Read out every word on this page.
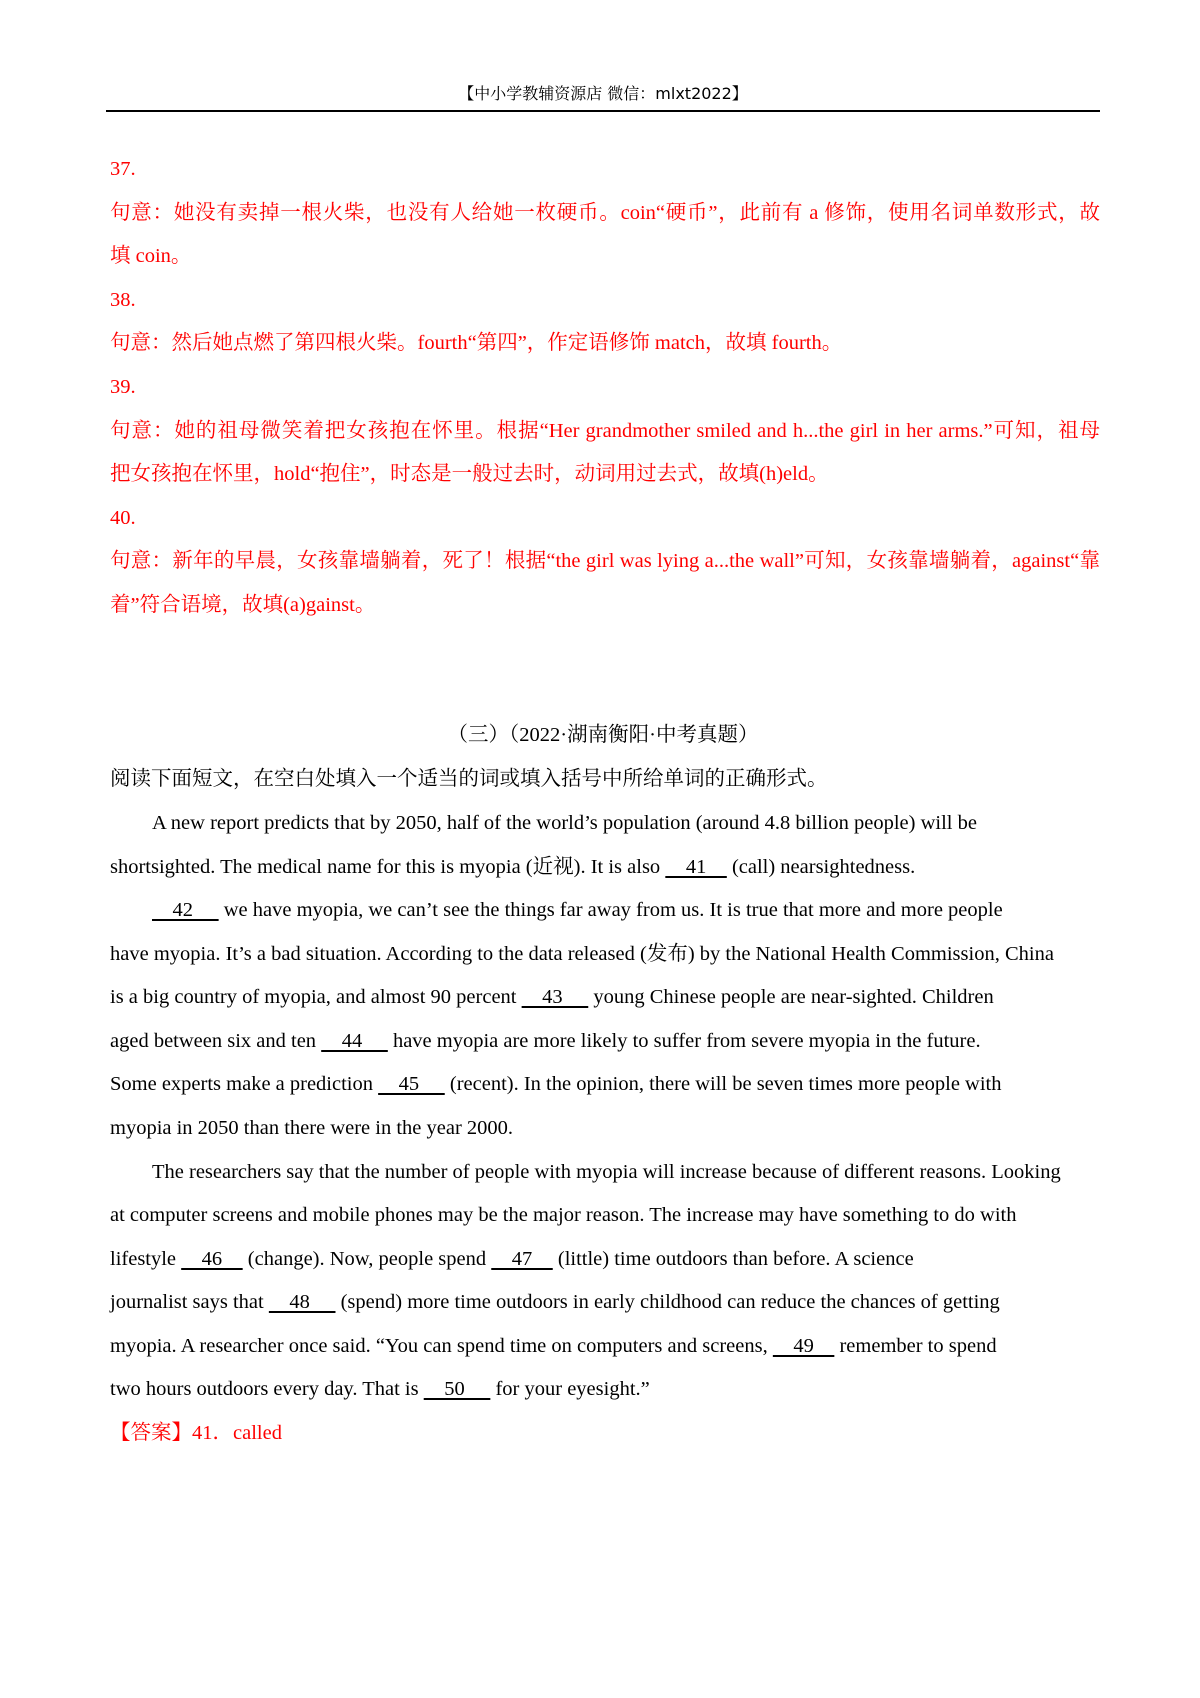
【中小学教辅资源店 微信：mlxt2022】
37.
句意：她没有卖掉一根火柴，也没有人给她一枚硬币。coin“硬币”，此前有 a 修饰，使用名词单数形式，故
填 coin。
38.
句意：然后她点燃了第四根火柴。fourth“第四”，作定语修饰 match，故填 fourth。
39.
句意：她的祖母微笑着把女孩抱在怀里。根据“Her grandmother smiled and h...the girl in her arms.”可知，祖母
把女孩抱在怀里，hold“抱住”，时态是一般过去时，动词用过去式，故填(h)eld。
40.
句意：新年的早晨，女孩靠墙躺着，死了！根据“the girl was lying a...the wall”可知，女孩靠墙躺着，against“靠
着”符合语境，故填(a)gainst。
（三）（2022·湖南衡阳·中考真题）
阅读下面短文，在空白处填入一个适当的词或填入括号中所给单词的正确形式。
A new report predicts that by 2050, half of the world’s population (around 4.8 billion people) will be
shortsighted. The medical name for this is myopia (近视). It is also     41     (call) nearsightedness.
42      we have myopia, we can’t see the things far away from us. It is true that more and more people
have myopia. It’s a bad situation. According to the data released (发布) by the National Health Commission, China
is a big country of myopia, and almost 90 percent     43      young Chinese people are near-sighted. Children
aged between six and ten     44      have myopia are more likely to suffer from severe myopia in the future.
Some experts make a prediction     45      (recent). In the opinion, there will be seven times more people with
myopia in 2050 than there were in the year 2000.
The researchers say that the number of people with myopia will increase because of different reasons. Looking
at computer screens and mobile phones may be the major reason. The increase may have something to do with
lifestyle     46     (change). Now, people spend     47     (little) time outdoors than before. A science
journalist says that     48      (spend) more time outdoors in early childhood can reduce the chances of getting
myopia. A researcher once said. “You can spend time on computers and screens,     49     remember to spend
two hours outdoors every day. That is     50      for your eyesight.”
【答案】41．called
